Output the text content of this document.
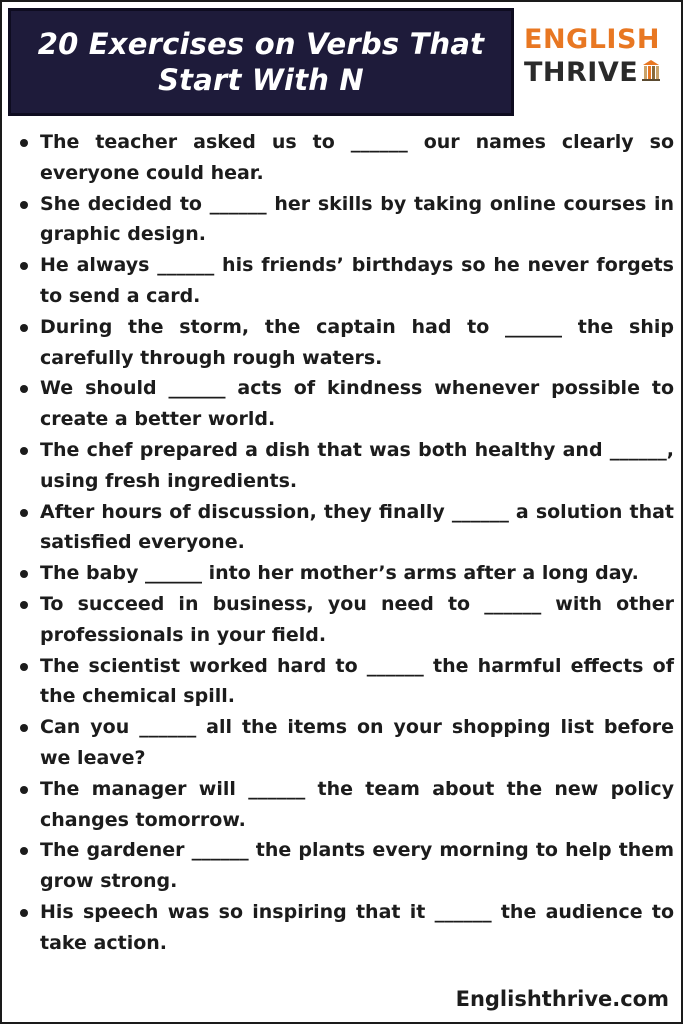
20 Exercises on Verbs That
Start With N
ENGLISH
THRIVE
The teacher asked us to ______ our names clearly so everyone could hear.
She decided to ______ her skills by taking online courses in graphic design.
He always ______ his friends’ birthdays so he never forgets to send a card.
During the storm, the captain had to ______ the ship carefully through rough waters.
We should ______ acts of kindness whenever possible to create a better world.
The chef prepared a dish that was both healthy and ______, using fresh ingredients.
After hours of discussion, they finally ______ a solution that satisfied everyone.
The baby ______ into her mother’s arms after a long day.
To succeed in business, you need to ______ with other professionals in your field.
The scientist worked hard to ______ the harmful effects of the chemical spill.
Can you ______ all the items on your shopping list before we leave?
The manager will ______ the team about the new policy changes tomorrow.
The gardener ______ the plants every morning to help them grow strong.
His speech was so inspiring that it ______ the audience to take action.
Englishthrive.com
